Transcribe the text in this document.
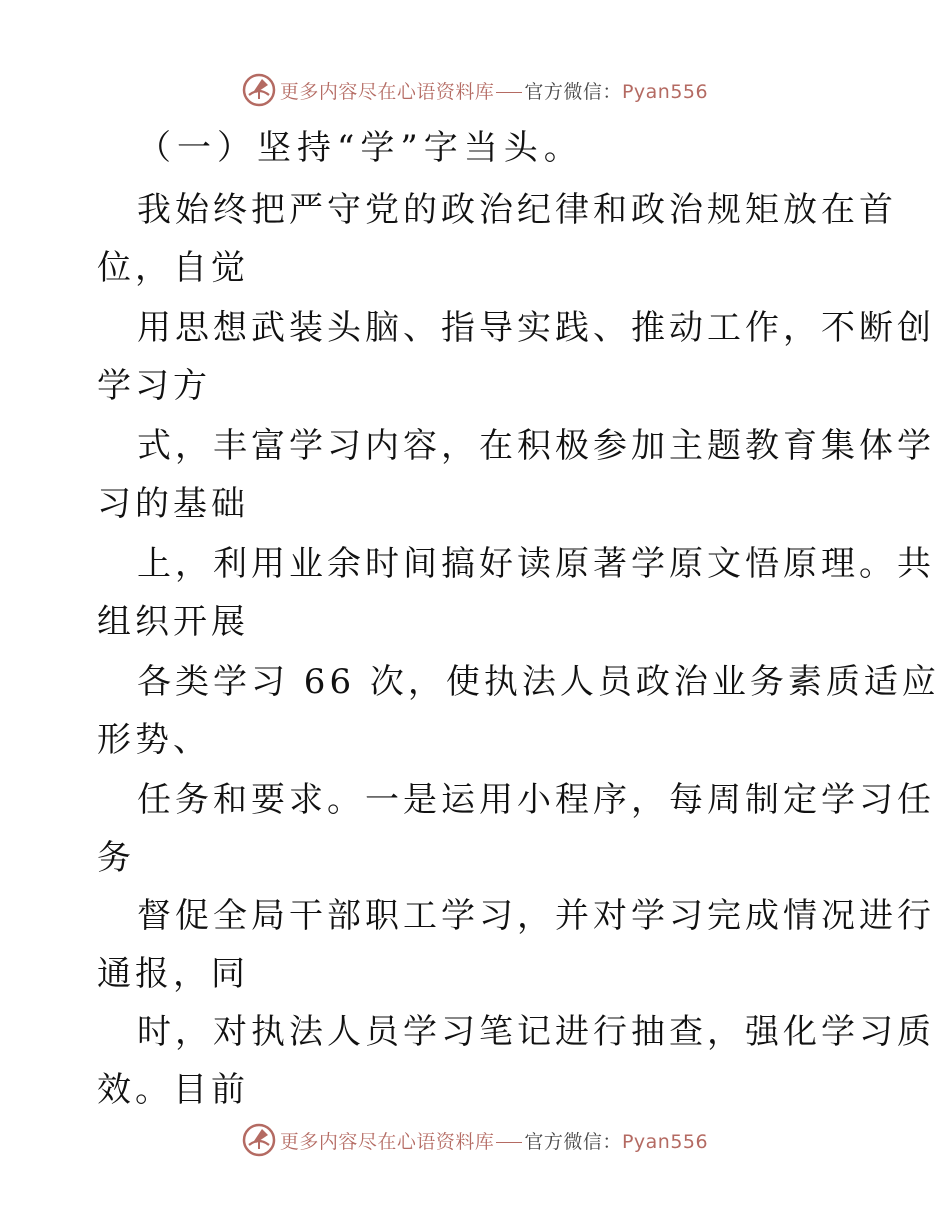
更多内容尽在心语资料库 官方微信：Pyan556
（一）坚持“学”字当头。
我始终把严守党的政治纪律和政治规矩放在首
位，自觉
用思想武装头脑、指导实践、推动工作，不断创
学习方
式，丰富学习内容，在积极参加主题教育集体学
习的基础
上，利用业余时间搞好读原著学原文悟原理。共
组织开展
各类学习 66 次，使执法人员政治业务素质适应
形势、
任务和要求。一是运用小程序，每周制定学习任
务
督促全局干部职工学习，并对学习完成情况进行
通报，同
时，对执法人员学习笔记进行抽查，强化学习质
效。目前
更多内容尽在心语资料库 官方微信：Pyan556
